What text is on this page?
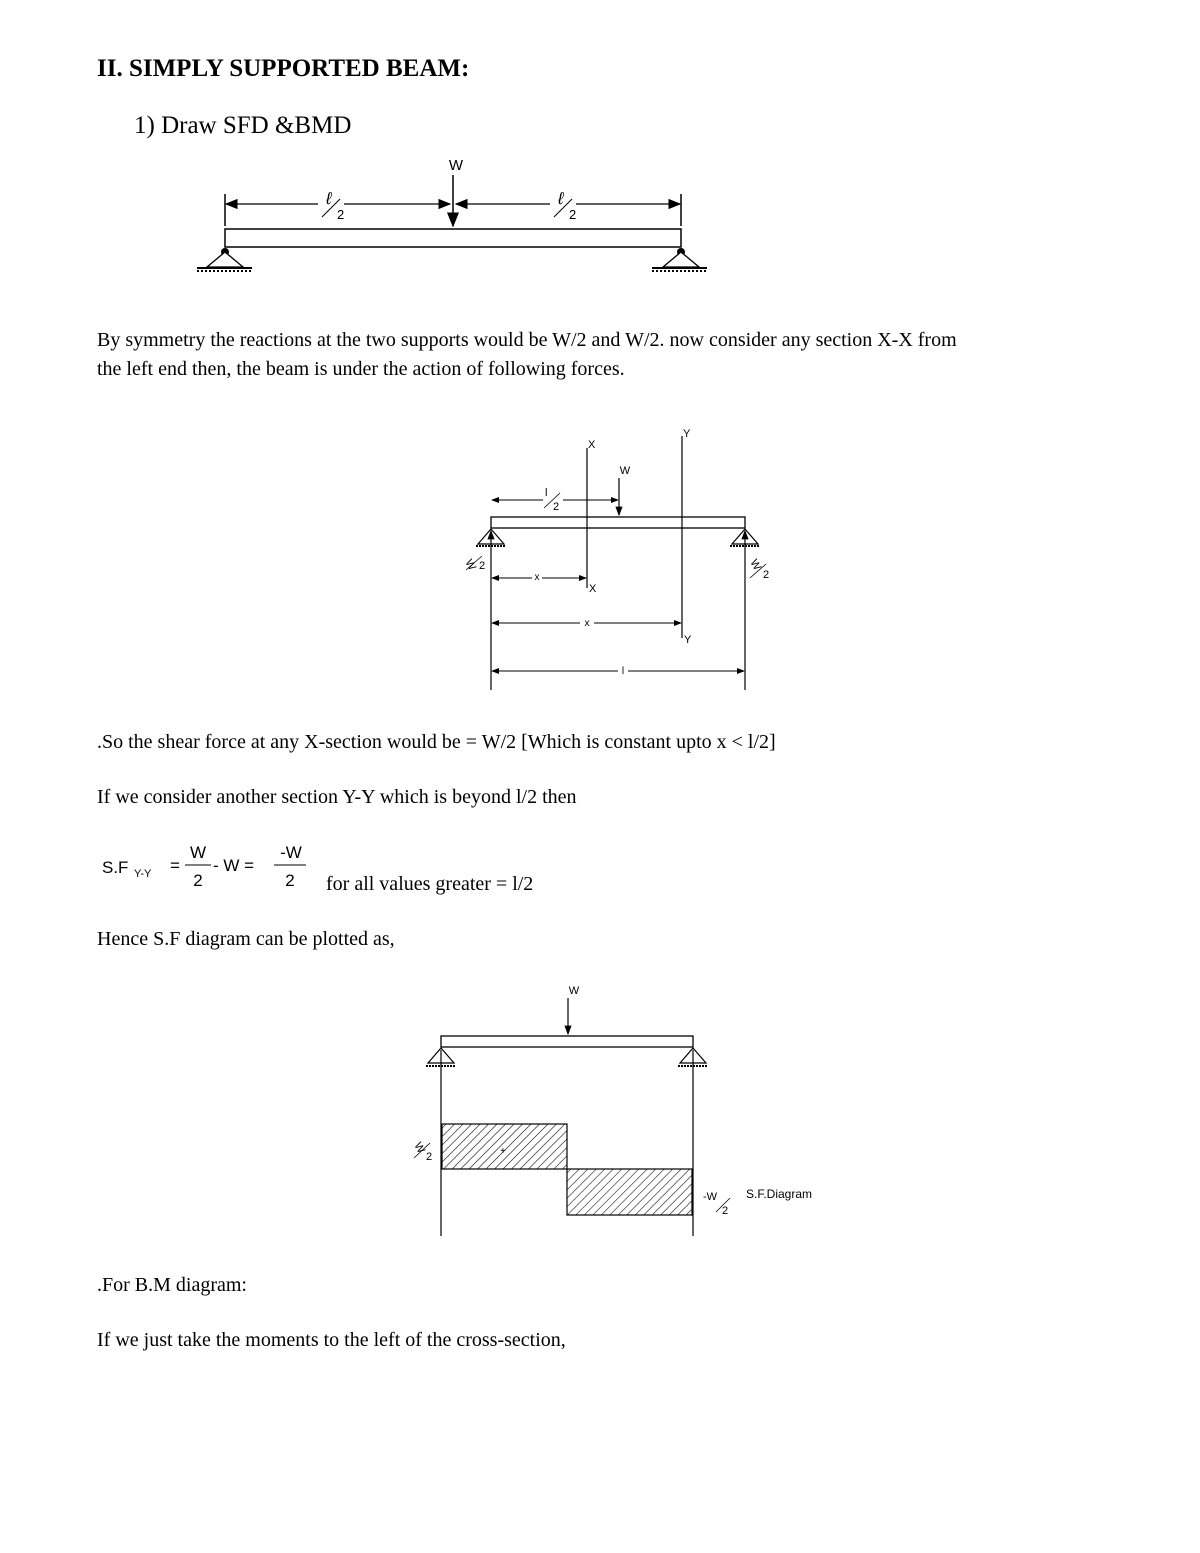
II. SIMPLY SUPPORTED BEAM:
1) Draw SFD &BMD
W
ℓ
2
ℓ
2
By symmetry the reactions at the two supports would be W/2 and W/2. now consider any section X-X from
the left end then, the beam is under the action of following forces.
W 2	W
2
W
l
2
X
X
x
Y
Y
x
l
.So the shear force at any X-section would be = W/2 [Which is constant upto x < l/2]
If we consider another section Y-Y which is beyond l/2 then
S.F Y-Y =
W
2
- W =
-W
2 for all values greater = l/2
Hence S.F diagram can be plotted as,
W
+
W
2
-W
2
S.F.Diagram
.For B.M diagram:
If we just take the moments to the left of the cross-section,
